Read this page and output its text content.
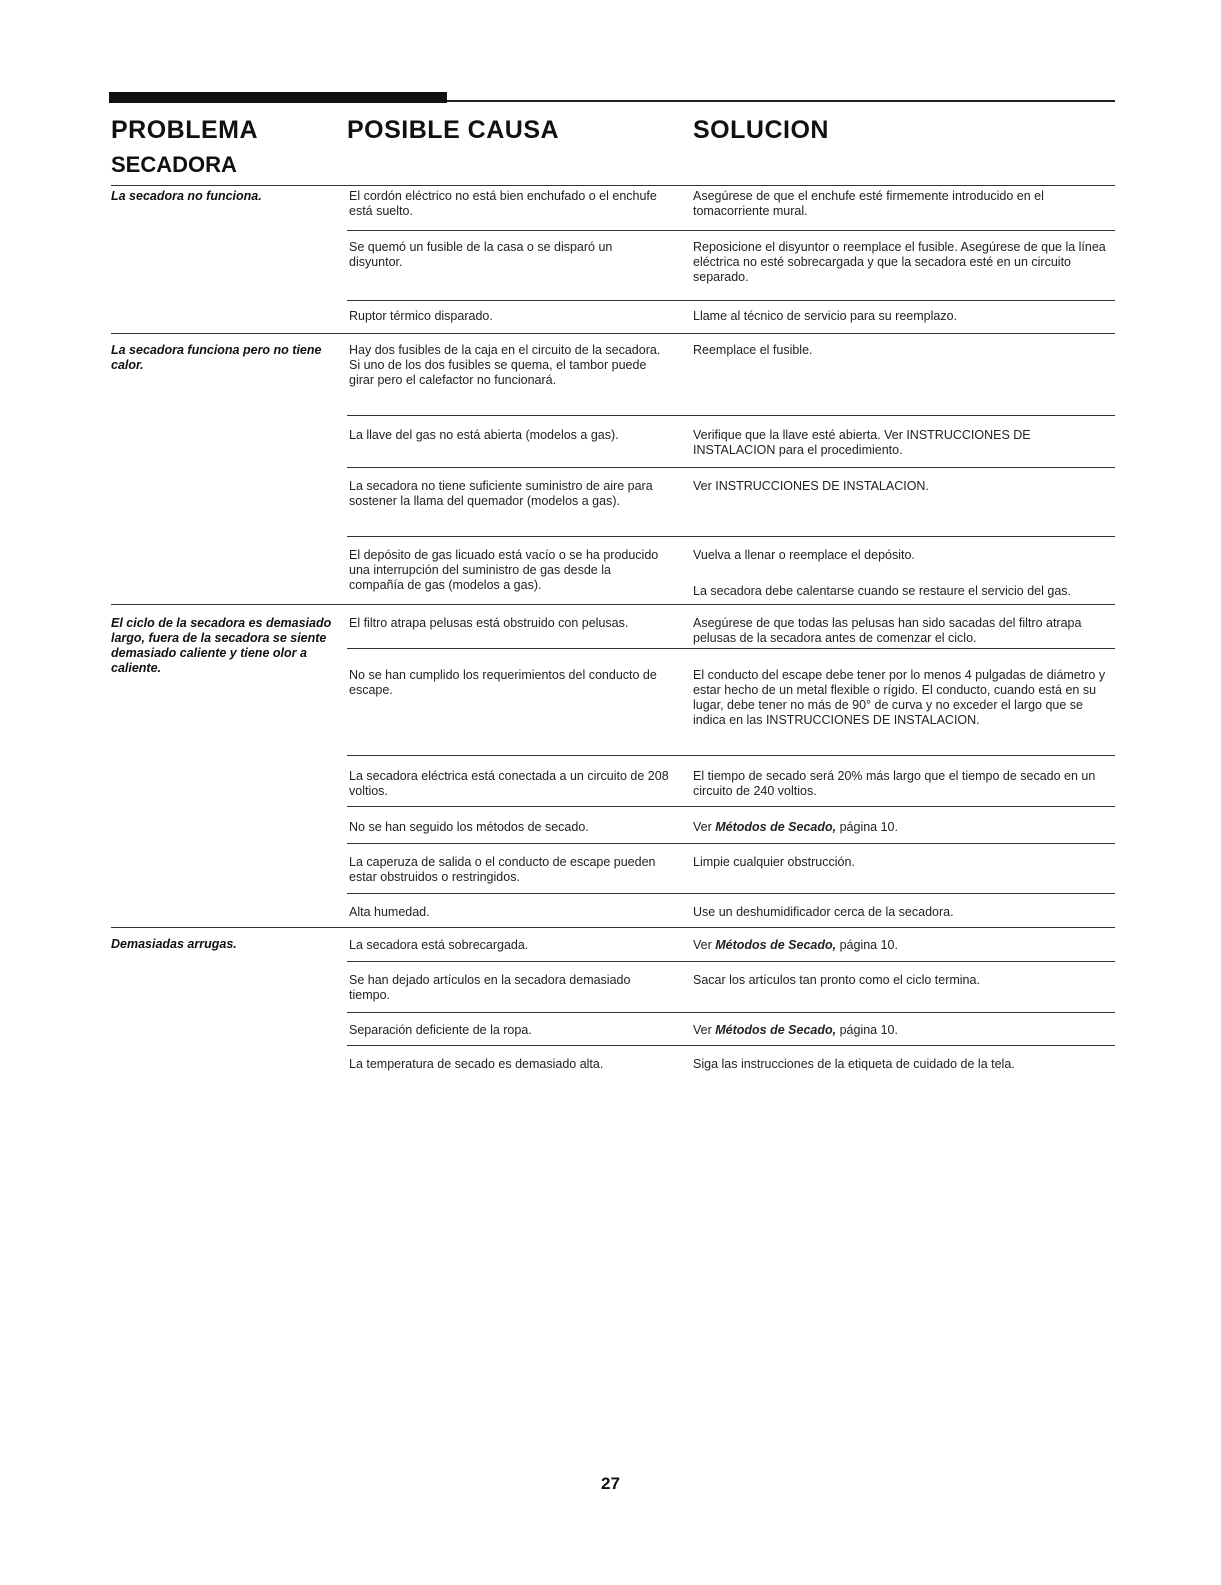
PROBLEMA	POSIBLE CAUSA	SOLUCION
SECADORA
La secadora no funciona.
La secadora funciona pero no tiene calor.
El ciclo de la secadora es demasiado largo, fuera de la secadora se siente demasiado caliente y tiene olor a caliente.
Demasiadas arrugas.
El cordón eléctrico no está bien enchufado o el enchufe está suelto.
Se quemó un fusible de la casa o se disparó un disyuntor.
Ruptor térmico disparado.
Hay dos fusibles de la caja en el circuito de la secadora. Si uno de los dos fusibles se quema, el tambor puede girar pero el calefactor no funcionará.
La llave del gas no está abierta (modelos a gas).
La secadora no tiene suficiente suministro de aire para sostener la llama del quemador (modelos a gas).
El depósito de gas licuado está vacío o se ha producido una interrupción del suministro de gas desde la compañía de gas (modelos a gas).
El filtro atrapa pelusas está obstruido con pelusas.
No se han cumplido los requerimientos del conducto de escape.
La secadora eléctrica está conectada a un circuito de 208 voltios.
No se han seguido los métodos de secado.
La caperuza de salida o el conducto de escape pueden estar obstruidos o restringidos.
Alta humedad.
La secadora está sobrecargada.
Se han dejado artículos en la secadora demasiado tiempo.
Separación deficiente de la ropa.
La temperatura de secado es demasiado alta.
Asegúrese de que el enchufe esté firmemente introducido en el tomacorriente mural.
Reposicione el disyuntor o reemplace el fusible. Asegúrese de que la línea eléctrica no esté sobrecargada y que la secadora esté en un circuito separado.
Llame al técnico de servicio para su reemplazo.
Reemplace el fusible.
Verifique que la llave esté abierta. Ver INSTRUCCIONES DE INSTALACION para el procedimiento.
Ver INSTRUCCIONES DE INSTALACION.
Vuelva a llenar o reemplace el depósito.
La secadora debe calentarse cuando se restaure el servicio del gas.
Asegúrese de que todas las pelusas han sido sacadas del filtro atrapa pelusas de la secadora antes de comenzar el ciclo.
El conducto del escape debe tener por lo menos 4 pulgadas de diámetro y estar hecho de un metal flexible o rígido. El conducto, cuando está en su lugar, debe tener no más de 90° de curva y no exceder el largo que se indica en las INSTRUCCIONES DE INSTALACION.
El tiempo de secado será 20% más largo que el tiempo de secado en un circuito de 240 voltios.
Ver Métodos de Secado, página 10.
Limpie cualquier obstrucción.
Use un deshumidificador cerca de la secadora.
Ver Métodos de Secado, página 10.
Sacar los artículos tan pronto como el ciclo termina.
Ver Métodos de Secado, página 10.
Siga las instrucciones de la etiqueta de cuidado de la tela.
27
